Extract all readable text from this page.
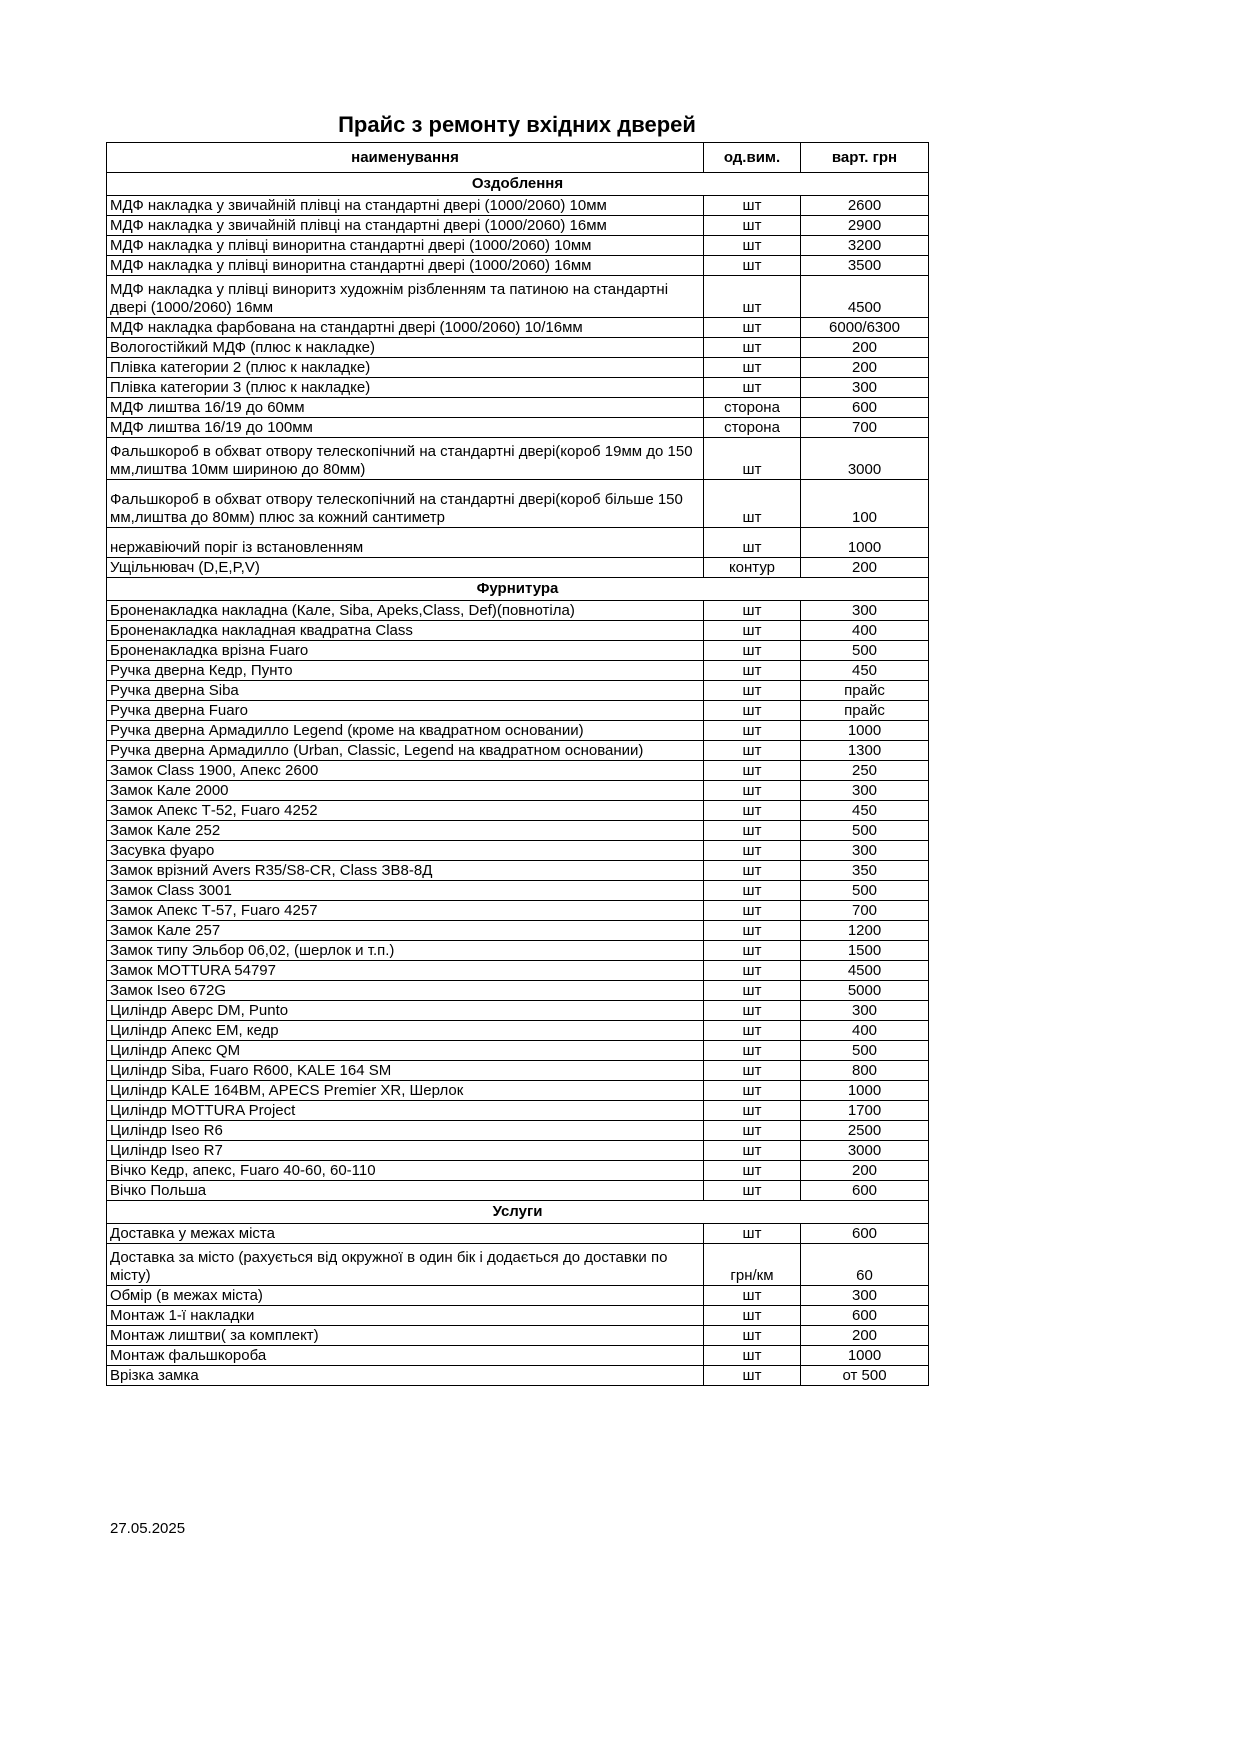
Прайс з ремонту вхідних дверей
наименування	од.вим.	варт. грн
Оздоблення		
МДФ накладка у звичайній плівці на стандартні двері (1000/2060) 10мм	шт	2600
МДФ накладка у звичайній плівці на стандартні двері (1000/2060) 16мм	шт	2900
МДФ накладка у плівці виноритна стандартні двері (1000/2060) 10мм	шт	3200
МДФ накладка у плівці виноритна стандартні двері (1000/2060) 16мм	шт	3500
МДФ накладка у плівці виноритз художнім різбленням та патиною на стандартні двері (1000/2060) 16мм	шт	4500
МДФ накладка фарбована на стандартні двері (1000/2060) 10/16мм	шт	6000/6300
Вологостійкий МДФ (плюс к накладке)	шт	200
Плівка категории 2 (плюс к накладке)	шт	200
Плівка категории 3 (плюс к накладке)	шт	300
МДФ лиштва 16/19 до 60мм	сторона	600
МДФ лиштва 16/19 до 100мм	сторона	700
Фальшкороб в обхват отвору телескопічний на стандартні двері(короб 19мм до 150 мм,лиштва 10мм шириною до 80мм)	шт	3000
Фальшкороб в обхват отвору телескопічний на стандартні двері(короб більше 150 мм,лиштва до 80мм) плюс за кожний сантиметр	шт	100
нержавіючий поріг із встановленням	шт	1000
Ущільнювач (D,E,P,V)	контур	200
Фурнитура		
Броненакладка накладна (Кале, Siba, Apeks,Class, Def)(повнотіла)	шт	300
Броненакладка накладная квадратна Class	шт	400
Броненакладка врізна Fuaro	шт	500
Ручка дверна Кедр, Пунто	шт	450
Ручка дверна Siba	шт	прайс
Ручка дверна Fuaro	шт	прайс
Ручка дверна Армадилло Legend (кроме на квадратном основании)	шт	1000
Ручка дверна Армадилло (Urban, Classic, Legend на квадратном основании)	шт	1300
Замок Class 1900, Апекс 2600	шт	250
Замок Кале 2000	шт	300
Замок Апекс Т-52, Fuaro 4252	шт	450
Замок Кале 252	шт	500
Засувка фуаро	шт	300
Замок врізний Avers R35/S8-CR, Class ЗВ8-8Д	шт	350
Замок Class 3001	шт	500
Замок Апекс Т-57, Fuaro 4257	шт	700
Замок Кале 257	шт	1200
Замок типу Эльбор 06,02, (шерлок и т.п.)	шт	1500
Замок MOTTURA 54797	шт	4500
Замок Iseo 672G	шт	5000
Циліндр Аверс DM, Punto	шт	300
Циліндр Апекс ЕМ, кедр	шт	400
Циліндр Апекс QM	шт	500
Циліндр Siba, Fuaro R600, KALE 164 SM	шт	800
Циліндр KALE 164BM, APECS Premier XR, Шерлок	шт	1000
Циліндр MOTTURA Project	шт	1700
Циліндр Iseo R6	шт	2500
Циліндр Iseo R7	шт	3000
Вічко Кедр, апекс, Fuaro 40-60, 60-110	шт	200
Вічко Польша	шт	600
Услуги		
Доставка у межах міста	шт	600
Доставка за місто (рахується від окружної в один бік і додається до доставки по місту)	грн/км	60
Обмір (в межах міста)	шт	300
Монтаж 1-ї накладки	шт	600
Монтаж лиштви( за комплект)	шт	200
Монтаж фальшкороба	шт	1000
Врізка замка	шт	от 500
27.05.2025
